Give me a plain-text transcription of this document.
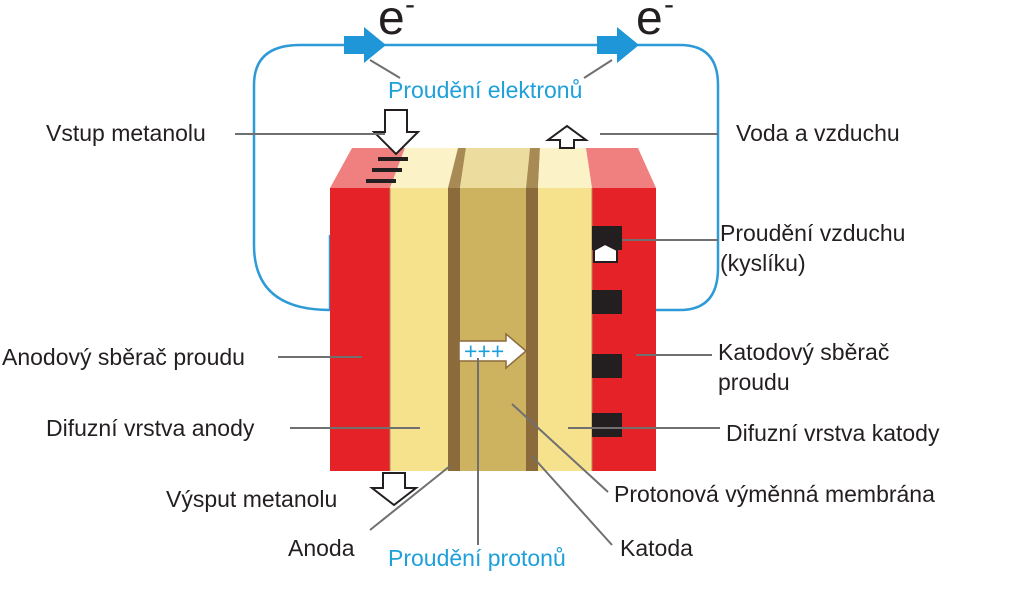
e -	e -
+++
Proudění elektronů
Vstup metanolu	Voda a vzduchu
Proudění vzduchu
(kyslíku)
Anodový sběrač proudu	Katodový sběrač
proudu
Difuzní vrstva anody	Difuzní vrstva katody
Výsput metanolu	Protonová výměnná membrána
Anoda Proudění protonů Katoda
